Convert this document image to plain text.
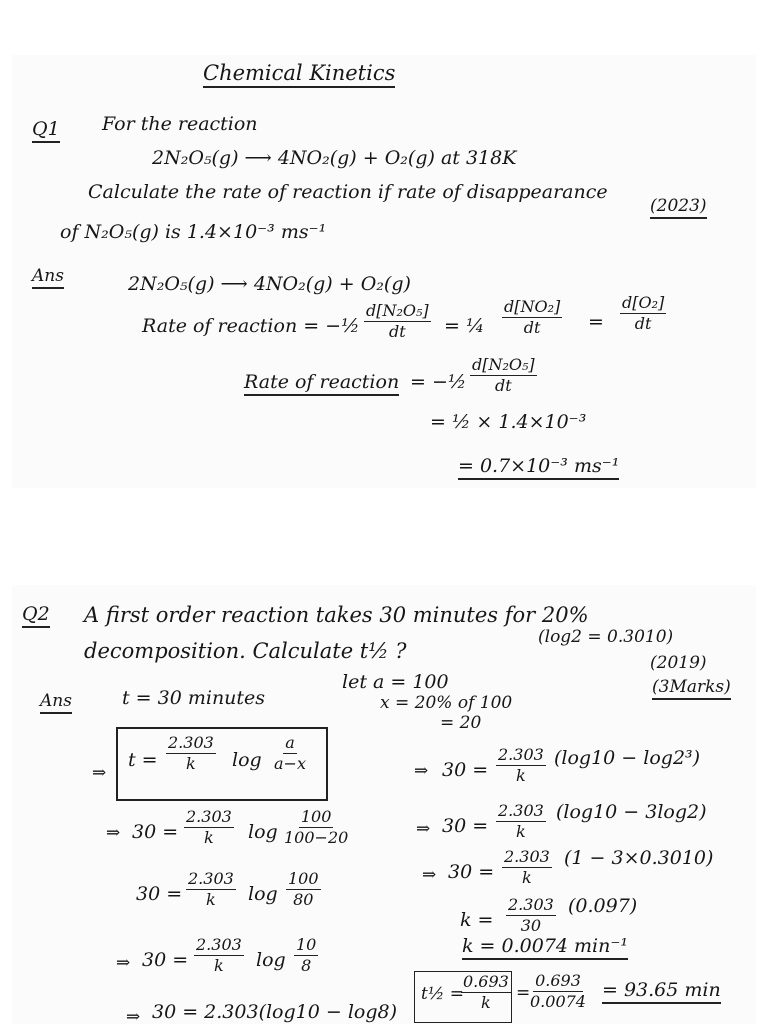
Chemical Kinetics
Q1 For the reaction
2N₂O₅(g) ⟶ 4NO₂(g) + O₂(g) at 318K
Calculate the rate of reaction if rate of disappearance
(2023)
of N₂O₅(g) is 1.4×10⁻³ ms⁻¹
Ans	2N₂O₅(g) ⟶ 4NO₂(g) + O₂(g)
Rate of reaction = −½ $\frac{\text{d[N₂O₅]}}{dt}$ = ¼ $\frac{\text{d[NO₂]}}{dt} = \frac{\text{d[O₂]}}{dt}$
Rate of reaction = −½ $\frac{\text{d[N₂O₅]}}{dt}$
= ½ × 1.4×10⁻³
= 0.7×10⁻³ ms⁻¹
Q2 A first order reaction takes 30 minutes for 20%
decomposition. Calculate t½ ?
(log2 = 0.3010)
(2019)
(3Marks)
Ans	t = 30 minutes
let a = 100
x = 20% of 100
= 20
⇒
$t = \frac{2.303}{k}$ $\log \frac{a}{a-x}$
⇒ $30 = \frac{2.303}{k}$ $\log \frac{100}{100-20}$
$30 = \frac{2.303}{k}$ $\log \frac{100}{80}$
⇒ $30 = \frac{2.303}{k}$ $\log \frac{10}{8}$
⇒ 30 = 2.303(log10 − log8)
⇒ $30 = \frac{2.303}{k} (\log 10 - \log 2^3)$
⇒ $30 = \frac{2.303}{k} (\log 10 - 3\log 2)$
⇒ $30 = \frac{2.303}{k} (1 - 3\times 0.3010)$
$k = \frac{2.303}{30} (0.097)$
k = 0.0074 min⁻¹
t½ =
$\frac{0.693}{k} = \frac{0.693}{0.0074} = 93.65$ min
